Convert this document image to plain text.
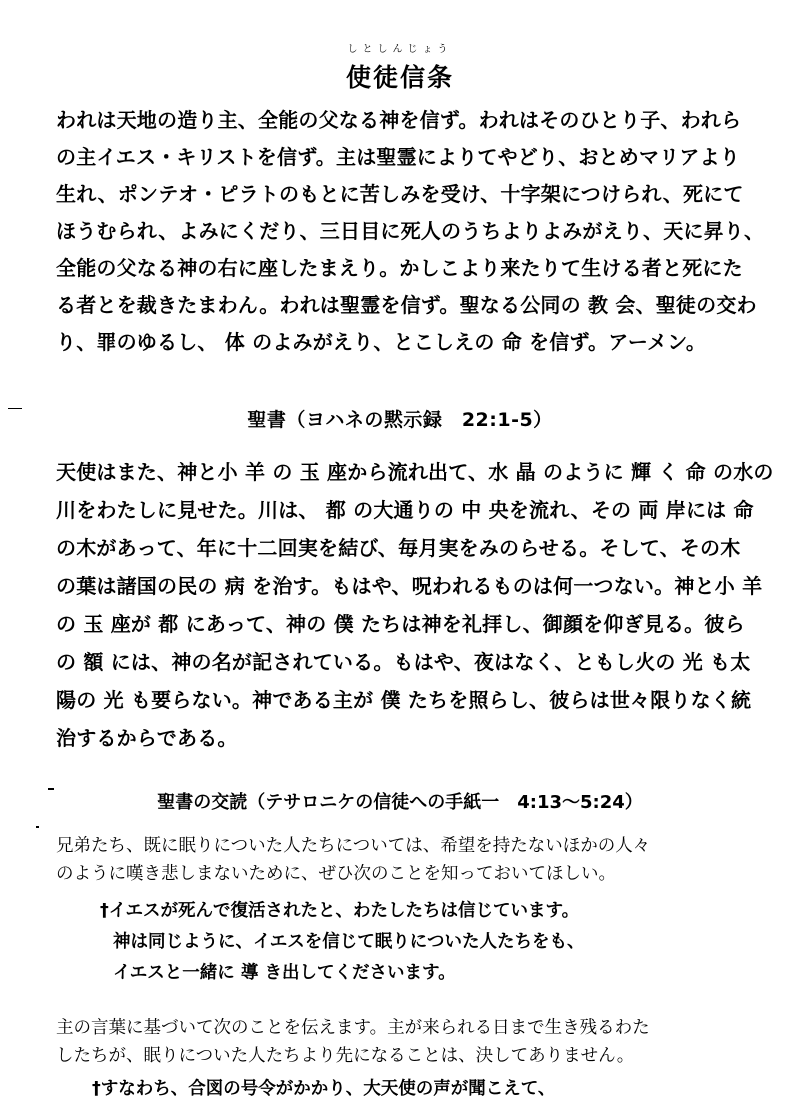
しとしんじょう
使徒信条
われは天地の造り主、全能の父なる神を信ず。われはそのひとり子、われら
の主イエス・キリストを信ず。主は聖霊によりてやどり、おとめマリアより
生れ、ポンテオ・ピラトのもとに苦しみを受け、十字架につけられ、死にて
ほうむられ、よみにくだり、三日目に死人のうちよりよみがえり、天に昇り、
全能の父なる神の右に座したまえり。かしこより来たりて生ける者と死にた
る者とを裁きたまわん。われは聖霊を信ず。聖なる公同の 教 会、聖徒の交わ
り、罪のゆるし、 体 のよみがえり、とこしえの 命 を信ず。アーメン。
聖書（ヨハネの黙示録　22:1-5）
天使はまた、神と小 羊 の 玉 座から流れ出て、水 晶 のように 輝 く 命 の水の
川をわたしに見せた。川は、 都 の大通りの 中 央を流れ、その 両 岸には 命
の木があって、年に十二回実を結び、毎月実をみのらせる。そして、その木
の葉は諸国の民の 病 を治す。もはや、呪われるものは何一つない。神と小 羊
の 玉 座が 都 にあって、神の 僕 たちは神を礼拝し、御顔を仰ぎ見る。彼ら
の 額 には、神の名が記されている。もはや、夜はなく、ともし火の 光 も太
陽の 光 も要らない。神である主が 僕 たちを照らし、彼らは世々限りなく統
治するからである。
聖書の交読（テサロニケの信徒への手紙一　4:13～5:24）
兄弟たち、既に眠りについた人たちについては、希望を持たないほかの人々
のように嘆き悲しまないために、ぜひ次のことを知っておいてほしい。
†イエスが死んで復活されたと、わたしたちは信じています。
神は同じように、イエスを信じて眠りについた人たちをも、
イエスと一緒に 導 き出してくださいます。
主の言葉に基づいて次のことを伝えます。主が来られる日まで生き残るわた
したちが、眠りについた人たちより先になることは、決してありません。
†すなわち、合図の号令がかかり、大天使の声が聞こえて、
